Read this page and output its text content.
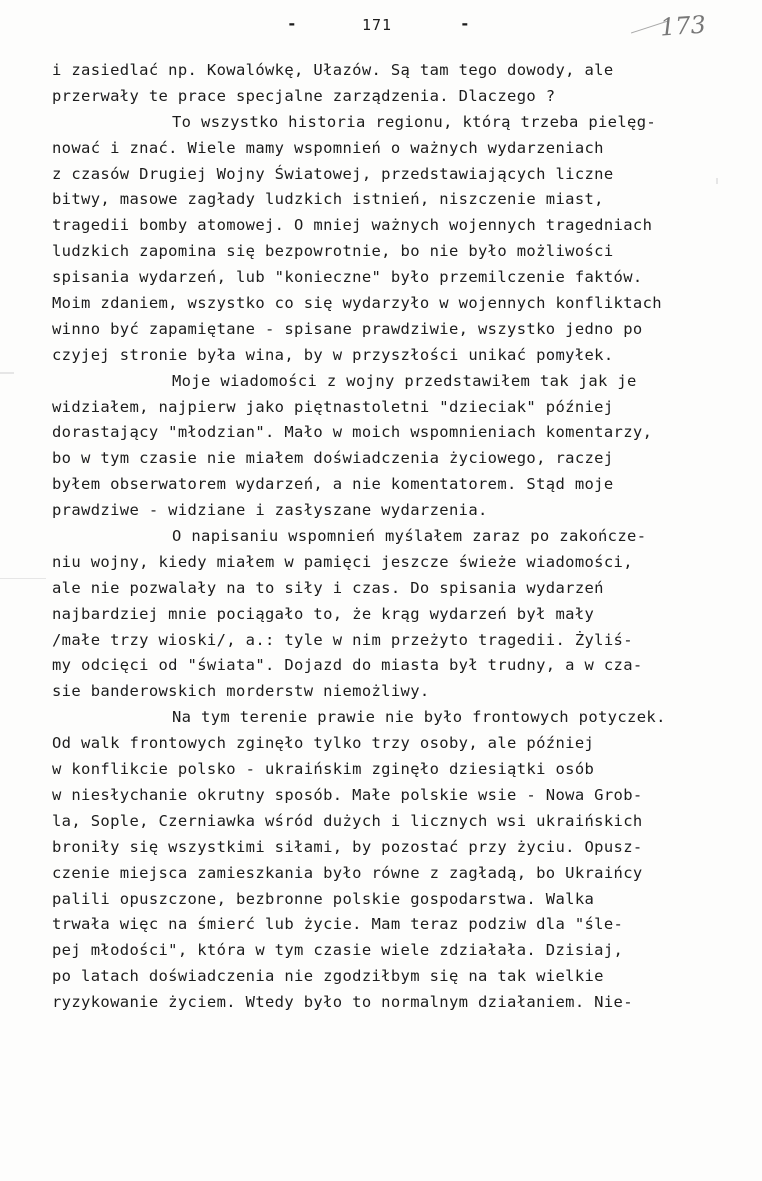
-	171	-	173
i zasiedlać np. Kowalówkę, Ułazów. Są tam tego dowody, ale
przerwały te prace specjalne zarządzenia. Dlaczego ?
To wszystko historia regionu, którą trzeba pielęg-
nować i znać. Wiele mamy wspomnień o ważnych wydarzeniach
z czasów Drugiej Wojny Światowej, przedstawiających liczne
bitwy, masowe zagłady ludzkich istnień, niszczenie miast,
tragedii bomby atomowej. O mniej ważnych wojennych tragedniach
ludzkich zapomina się bezpowrotnie, bo nie było możliwości
spisania wydarzeń, lub "konieczne" było przemilczenie faktów.
Moim zdaniem, wszystko co się wydarzyło w wojennych konfliktach
winno być zapamiętane - spisane prawdziwie, wszystko jedno po
czyjej stronie była wina, by w przyszłości unikać pomyłek.
Moje wiadomości z wojny przedstawiłem tak jak je
widziałem, najpierw jako piętnastoletni "dzieciak" później
dorastający "młodzian". Mało w moich wspomnieniach komentarzy,
bo w tym czasie nie miałem doświadczenia życiowego, raczej
byłem obserwatorem wydarzeń, a nie komentatorem. Stąd moje
prawdziwe - widziane i zasłyszane wydarzenia.
O napisaniu wspomnień myślałem zaraz po zakończe-
niu wojny, kiedy miałem w pamięci jeszcze świeże wiadomości,
ale nie pozwalały na to siły i czas. Do spisania wydarzeń
najbardziej mnie pociągało to, że krąg wydarzeń był mały
/małe trzy wioski/, a.: tyle w nim przeżyto tragedii. Żyliś-
my odcięci od "świata". Dojazd do miasta był trudny, a w cza-
sie banderowskich morderstw niemożliwy.
Na tym terenie prawie nie było frontowych potyczek.
Od walk frontowych zginęło tylko trzy osoby, ale później
w konflikcie polsko - ukraińskim zginęło dziesiątki osób
w niesłychanie okrutny sposób. Małe polskie wsie - Nowa Grob-
la, Sople, Czerniawka wśród dużych i licznych wsi ukraińskich
broniły się wszystkimi siłami, by pozostać przy życiu. Opusz-
czenie miejsca zamieszkania było równe z zagładą, bo Ukraińcy
palili opuszczone, bezbronne polskie gospodarstwa. Walka
trwała więc na śmierć lub życie. Mam teraz podziw dla "śle-
pej młodości", która w tym czasie wiele zdziałała. Dzisiaj,
po latach doświadczenia nie zgodziłbym się na tak wielkie
ryzykowanie życiem. Wtedy było to normalnym działaniem. Nie-
